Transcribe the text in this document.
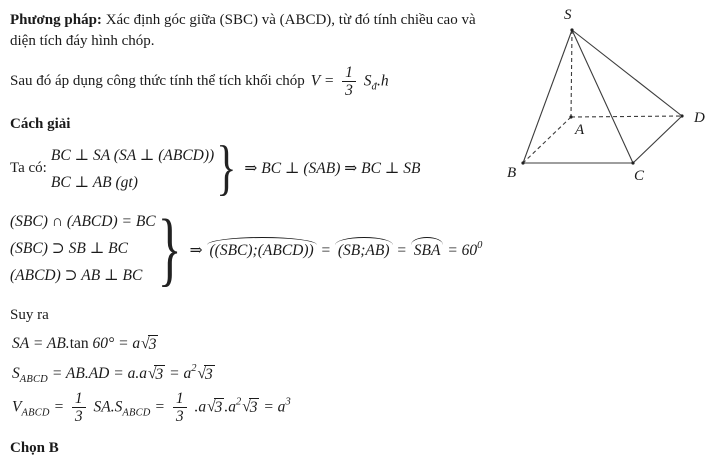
Phương pháp: Xác định góc giữa (SBC) và (ABCD), từ đó tính chiều cao và diện tích đáy hình chóp.

Sau đó áp dụng công thức tính thể tích khối chóp $V = \frac{1}{3} S_đ.h$

Cách giải

Ta có:
BC ⊥ SA (SA ⊥ (ABCD))
BC ⊥ AB (gt)	} ⇒ BC ⊥ (SAB) ⇒ BC ⊥ SB
(SBC) ∩ (ABCD) = BC
(SBC) ⊃ SB ⊥ BC
(ABCD) ⊃ AB ⊥ BC } ⇒ ((SBC);(ABCD)) = (SB;AB) = SBA = $60^0$

Suy ra

SA = AB.tan 60° = a √ 3
$S_{ABCD} = AB.AD = a.a$ √ $3 = a^2$ √ 3
$V_{ABCD} = \frac{1}{3} SA.S_{ABCD} = \frac{1}{3} .a$ √ 3 $.a^2$ √ $3 = a^3$

Chọn B

S
A
B	C
D
